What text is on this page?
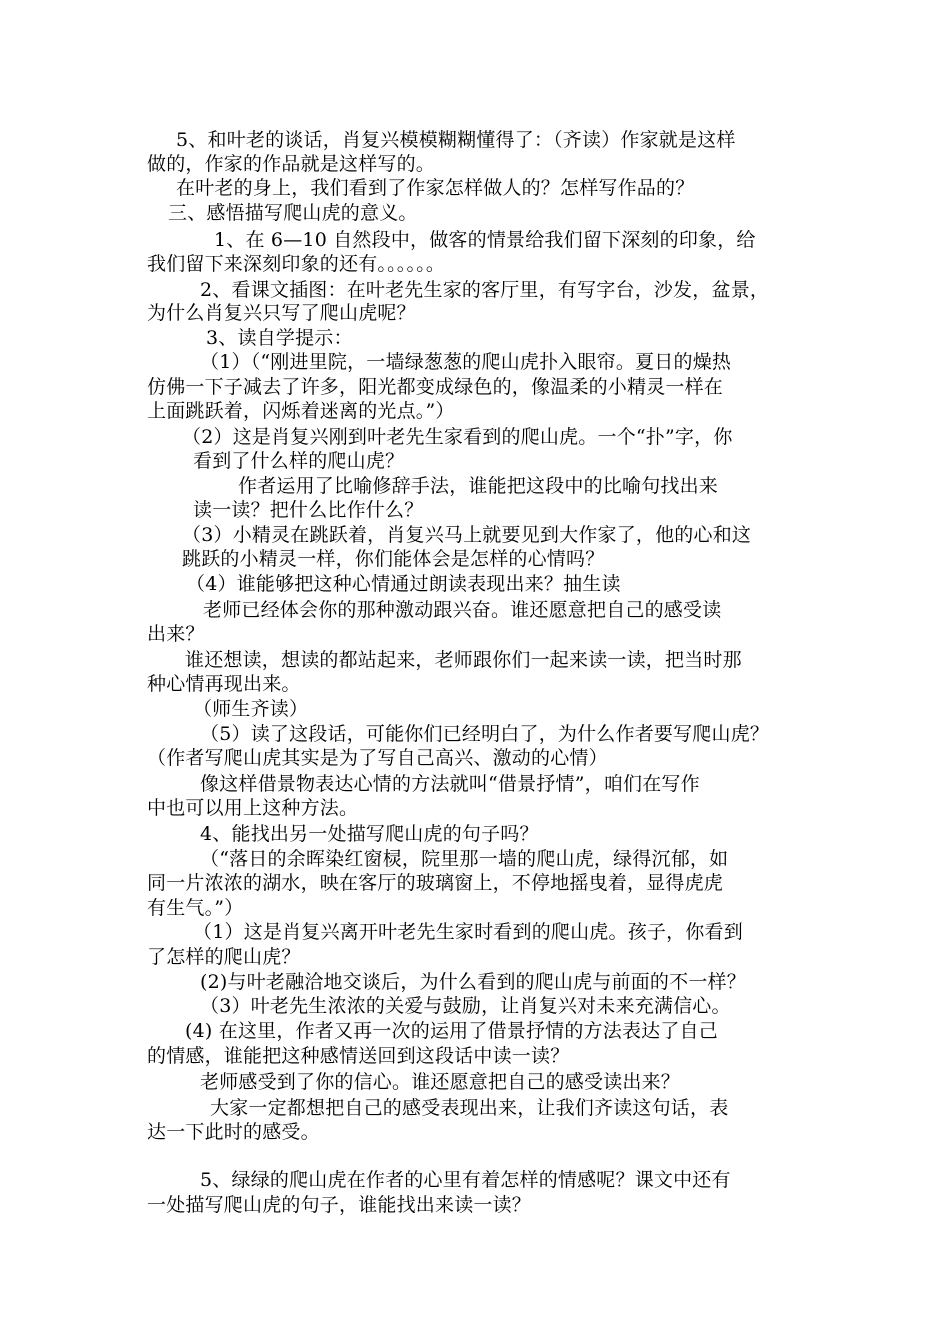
5、和叶老的谈话，肖复兴模模糊糊懂得了：（齐读）作家就是这样
做的，作家的作品就是这样写的。
在叶老的身上，我们看到了作家怎样做人的？怎样写作品的？
三、感悟描写爬山虎的意义。
1、在 6—10 自然段中，做客的情景给我们留下深刻的印象，给
我们留下来深刻印象的还有。。。。。。
2、看课文插图：在叶老先生家的客厅里，有写字台，沙发，盆景，
为什么肖复兴只写了爬山虎呢？
3、读自学提示：
（1）（“刚进里院，一墙绿葱葱的爬山虎扑入眼帘。夏日的燥热
仿佛一下子减去了许多，阳光都变成绿色的，像温柔的小精灵一样在
上面跳跃着，闪烁着迷离的光点。”）
（2）这是肖复兴刚到叶老先生家看到的爬山虎。一个“扑”字，你
看到了什么样的爬山虎？
作者运用了比喻修辞手法，谁能把这段中的比喻句找出来
读一读？把什么比作什么？
（3）小精灵在跳跃着，肖复兴马上就要见到大作家了，他的心和这
跳跃的小精灵一样，你们能体会是怎样的心情吗？
（4）谁能够把这种心情通过朗读表现出来？抽生读
老师已经体会你的那种激动跟兴奋。谁还愿意把自己的感受读
出来？
谁还想读，想读的都站起来，老师跟你们一起来读一读，把当时那
种心情再现出来。
（师生齐读）
（5）读了这段话，可能你们已经明白了，为什么作者要写爬山虎？
（作者写爬山虎其实是为了写自己高兴、激动的心情）
像这样借景物表达心情的方法就叫“借景抒情”，咱们在写作
中也可以用上这种方法。
4、能找出另一处描写爬山虎的句子吗？
（“落日的余晖染红窗棂，院里那一墙的爬山虎，绿得沉郁，如
同一片浓浓的湖水，映在客厅的玻璃窗上，不停地摇曳着，显得虎虎
有生气。”）
（1）这是肖复兴离开叶老先生家时看到的爬山虎。孩子，你看到
了怎样的爬山虎？
(2)与叶老融洽地交谈后，为什么看到的爬山虎与前面的不一样？
（3）叶老先生浓浓的关爱与鼓励，让肖复兴对未来充满信心。
(4) 在这里，作者又再一次的运用了借景抒情的方法表达了自己
的情感，谁能把这种感情送回到这段话中读一读？
老师感受到了你的信心。谁还愿意把自己的感受读出来？
大家一定都想把自己的感受表现出来，让我们齐读这句话，表
达一下此时的感受。
5、绿绿的爬山虎在作者的心里有着怎样的情感呢？课文中还有
一处描写爬山虎的句子，谁能找出来读一读？
